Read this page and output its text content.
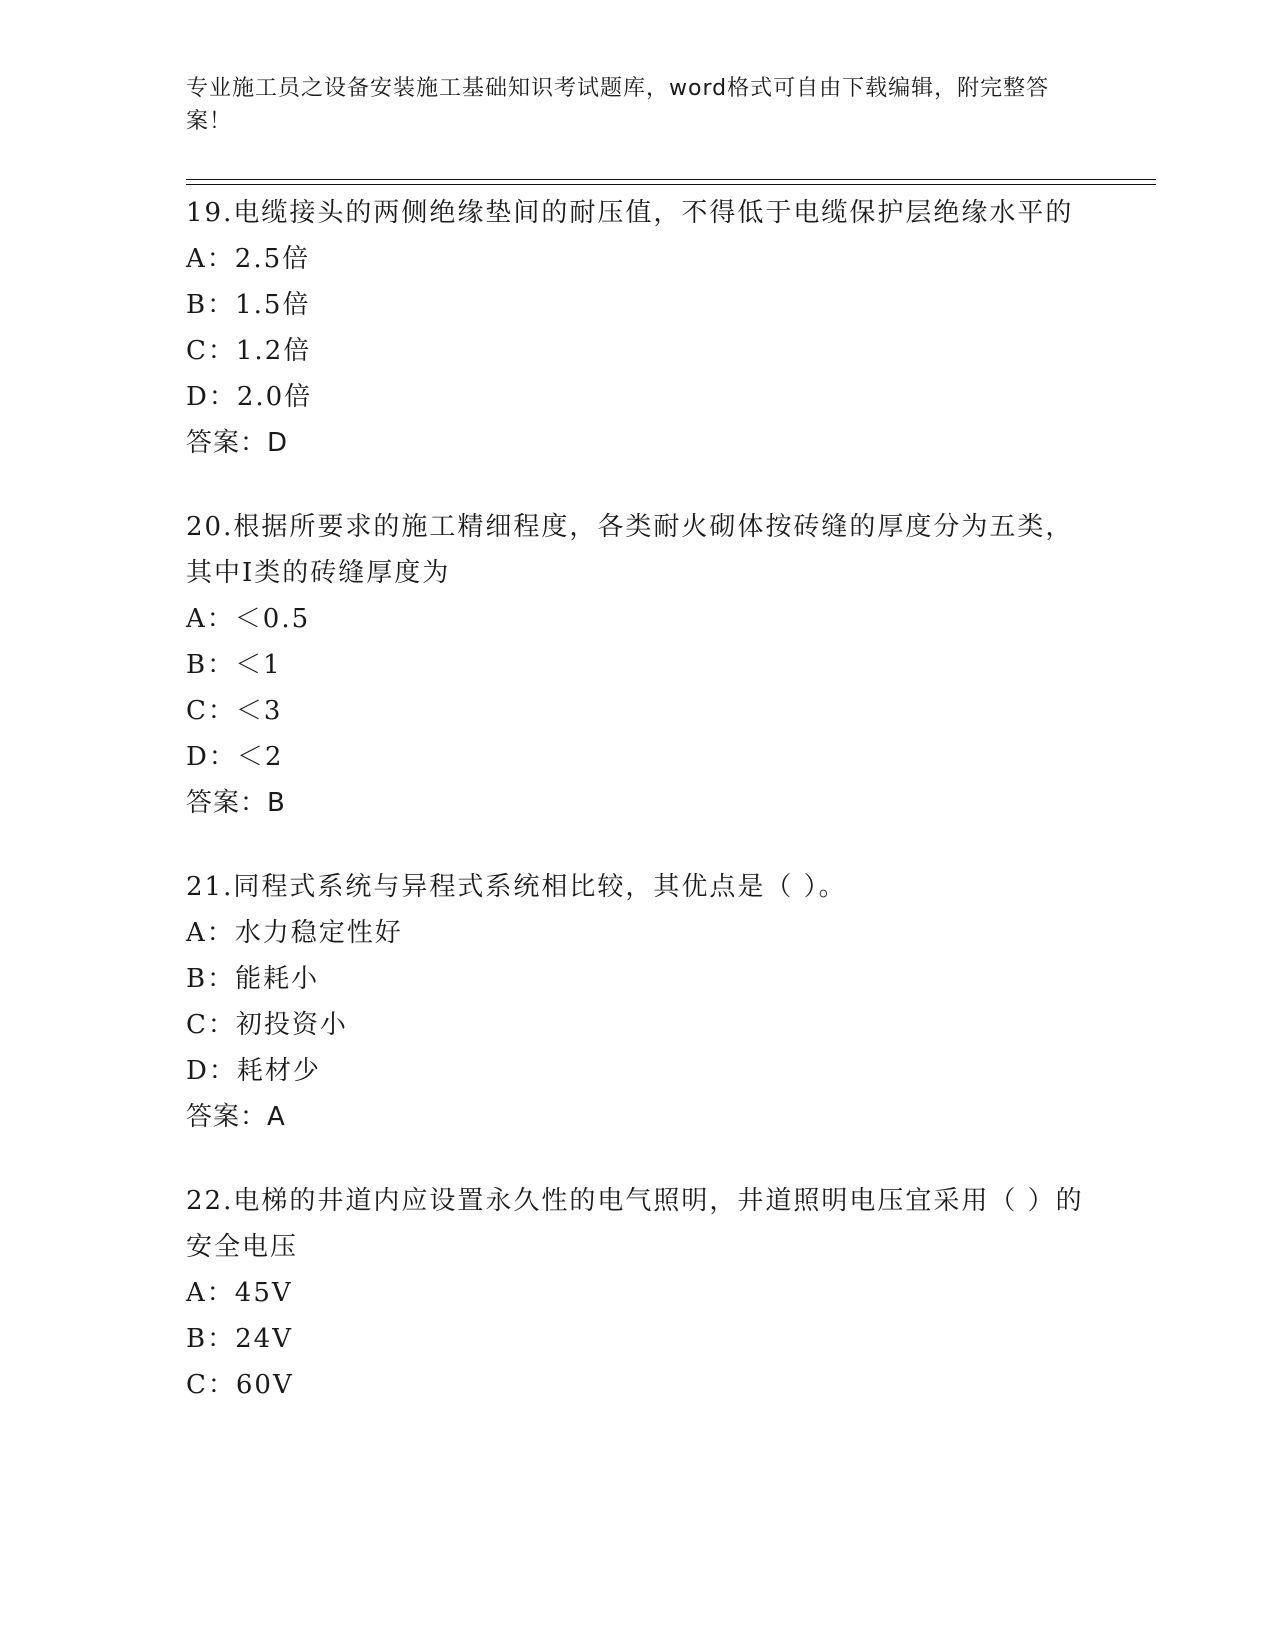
专业施工员之设备安装施工基础知识考试题库，word格式可自由下载编辑，附完整答案！

19.电缆接头的两侧绝缘垫间的耐压值，不得低于电缆保护层绝缘水平的

A：2.5倍
B：1.5倍
C：1.2倍
D：2.0倍
答案：D

20.根据所要求的施工精细程度，各类耐火砌体按砖缝的厚度分为五类，其中I类的砖缝厚度为

A：＜0.5
B：＜1
C：＜3
D：＜2
答案：B

21.同程式系统与异程式系统相比较，其优点是（ ）。

A：水力稳定性好
B：能耗小
C：初投资小
D：耗材少
答案：A

22.电梯的井道内应设置永久性的电气照明，井道照明电压宜采用（ ）的安全电压

A：45V
B：24V
C：60V
